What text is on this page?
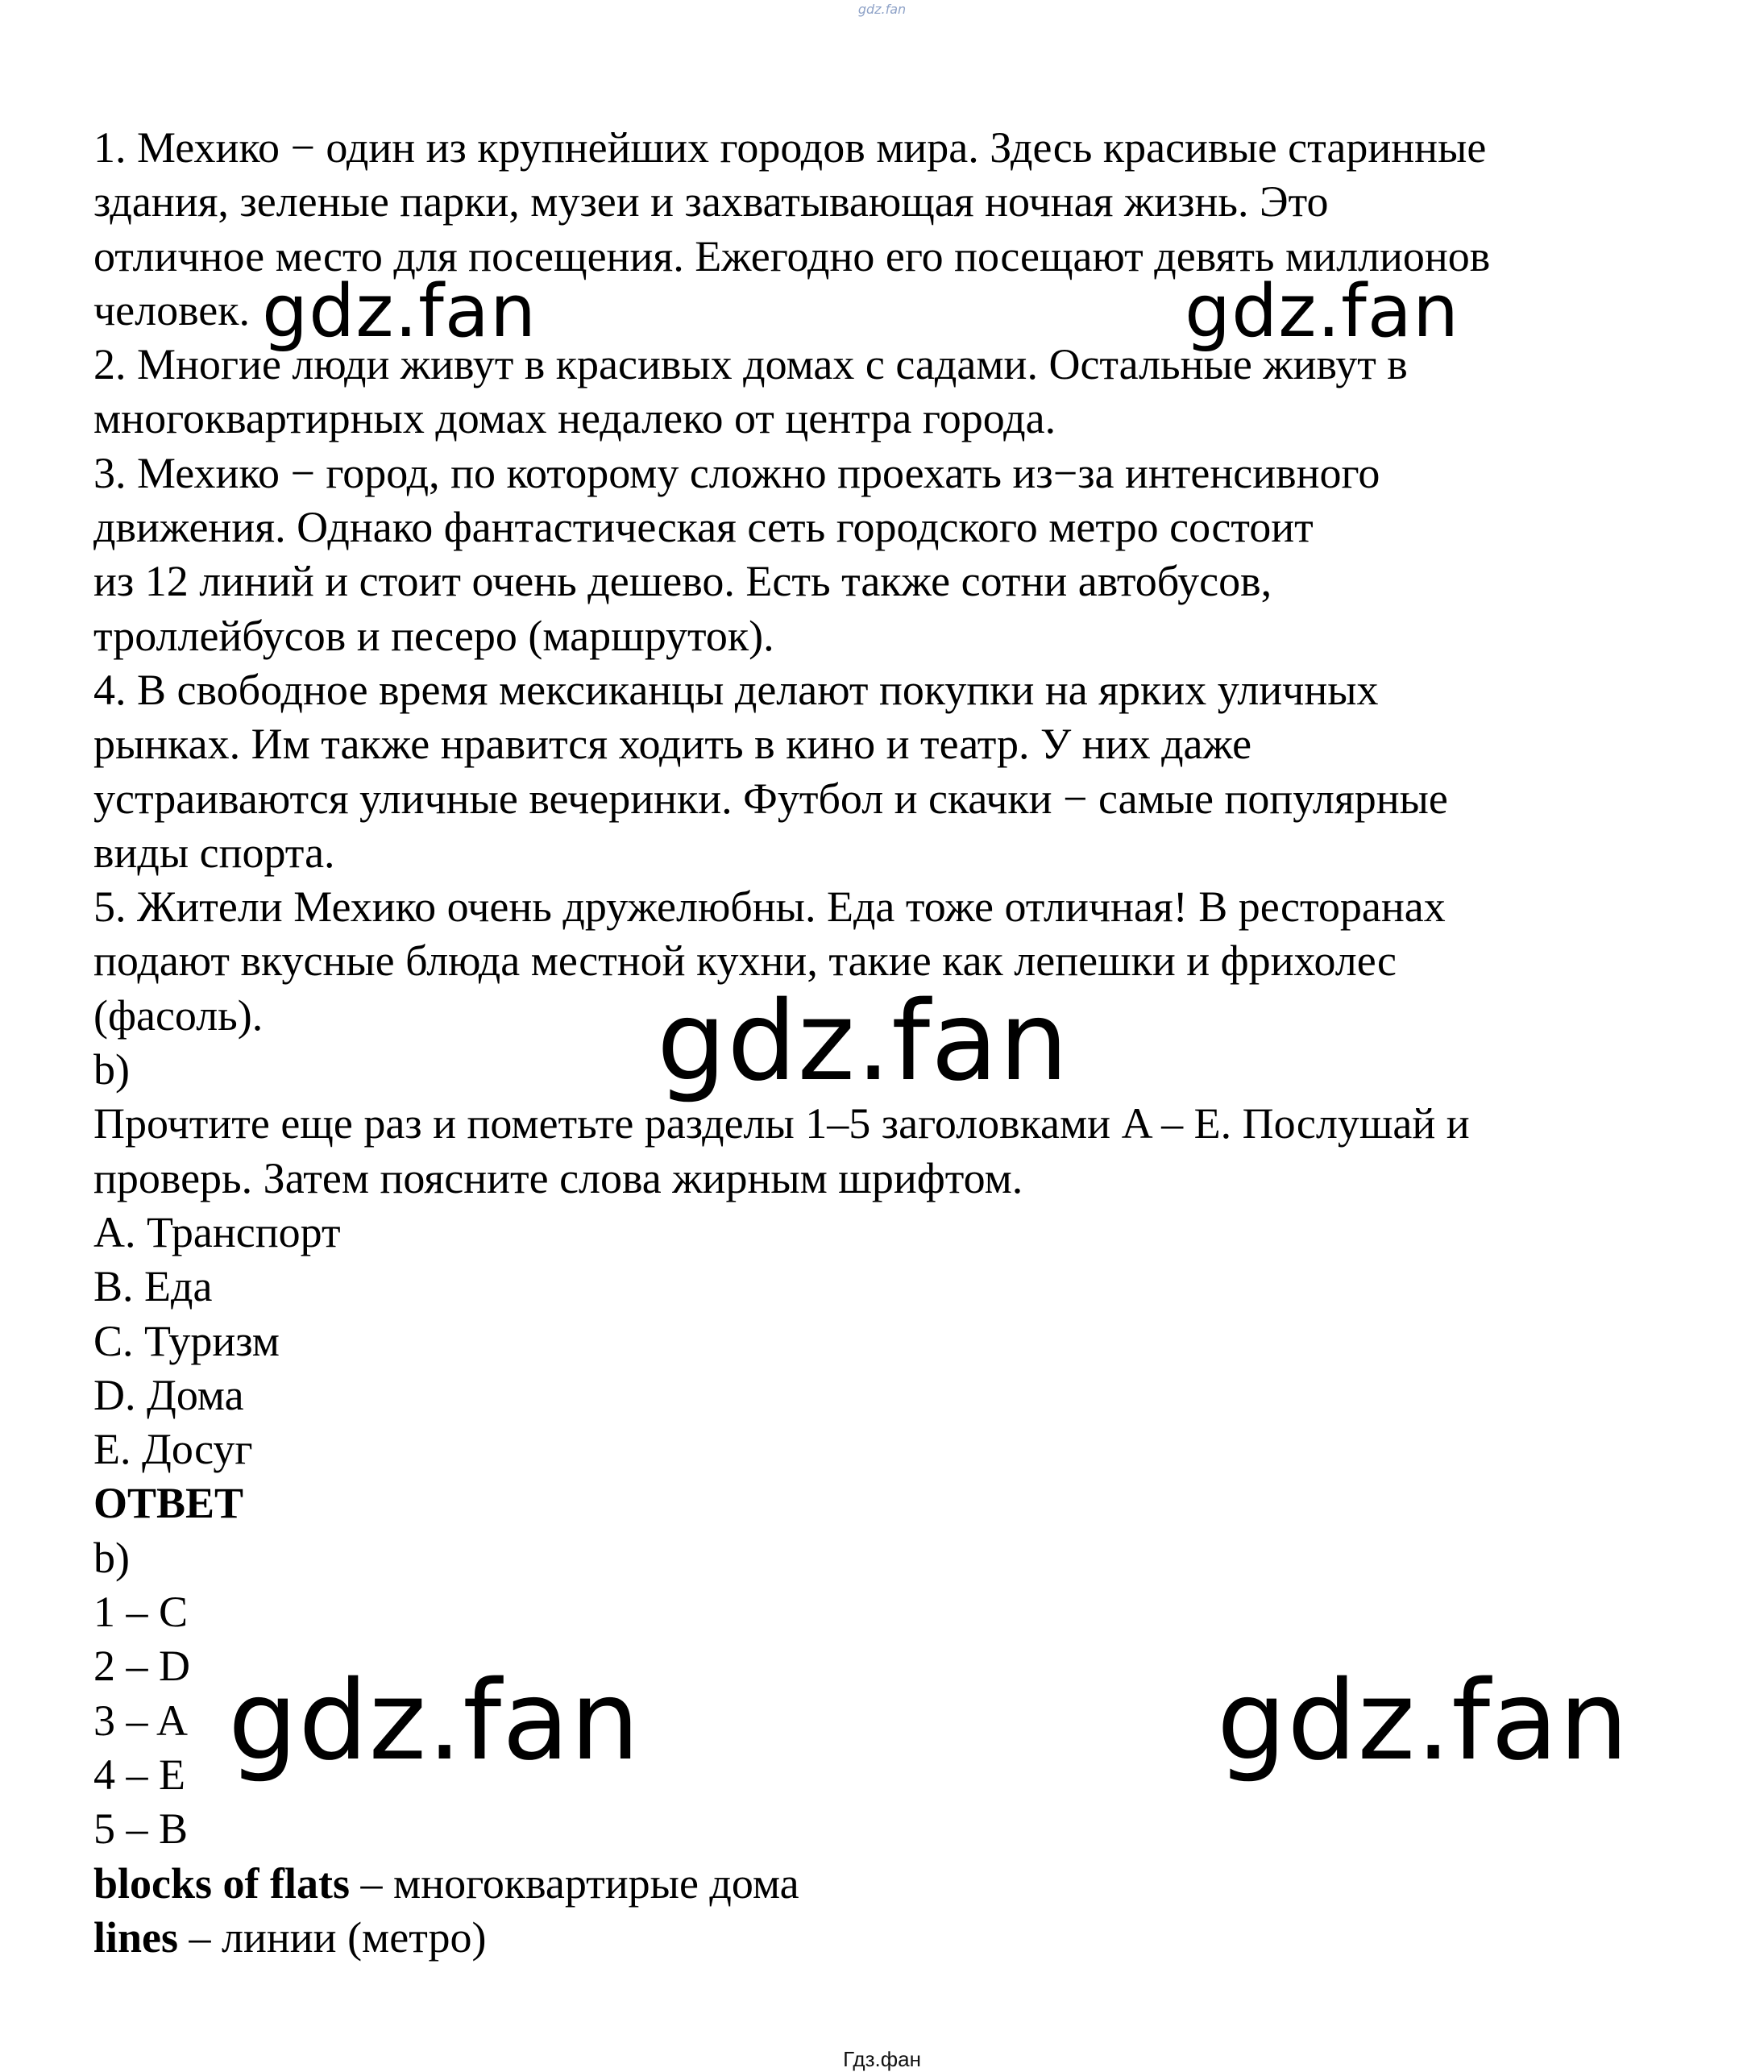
gdz.fan
1. Мехико − один из крупнейших городов мира. Здесь красивые старинные
здания, зеленые парки, музеи и захватывающая ночная жизнь. Это
отличное место для посещения. Ежегодно его посещают девять миллионов
человек.
2. Многие люди живут в красивых домах с садами. Остальные живут в
многоквартирных домах недалеко от центра города.
3. Мехико − город, по которому сложно проехать из−за интенсивного
движения. Однако фантастическая сеть городского метро состоит
из 12 линий и стоит очень дешево. Есть также сотни автобусов,
троллейбусов и песеро (маршруток).
4. В свободное время мексиканцы делают покупки на ярких уличных
рынках. Им также нравится ходить в кино и театр. У них даже
устраиваются уличные вечеринки. Футбол и скачки − самые популярные
виды спорта.
5. Жители Мехико очень дружелюбны. Еда тоже отличная! В ресторанах
подают вкусные блюда местной кухни, такие как лепешки и фрихолес
(фасоль).
b)
Прочтите еще раз и пометьте разделы 1–5 заголовками A – E. Послушай и
проверь. Затем поясните слова жирным шрифтом.
A. Транспорт
B. Еда
C. Туризм
D. Дома
E. Досуг
ОТВЕТ
b)
1 – C
2 – D
3 – A
4 – E
5 – B
blocks of flats – многоквартирые дома
lines – линии (метро)
gdz.fan	gdz.fan
gdz.fan
gdz.fan	gdz.fan
Гдз.фан
